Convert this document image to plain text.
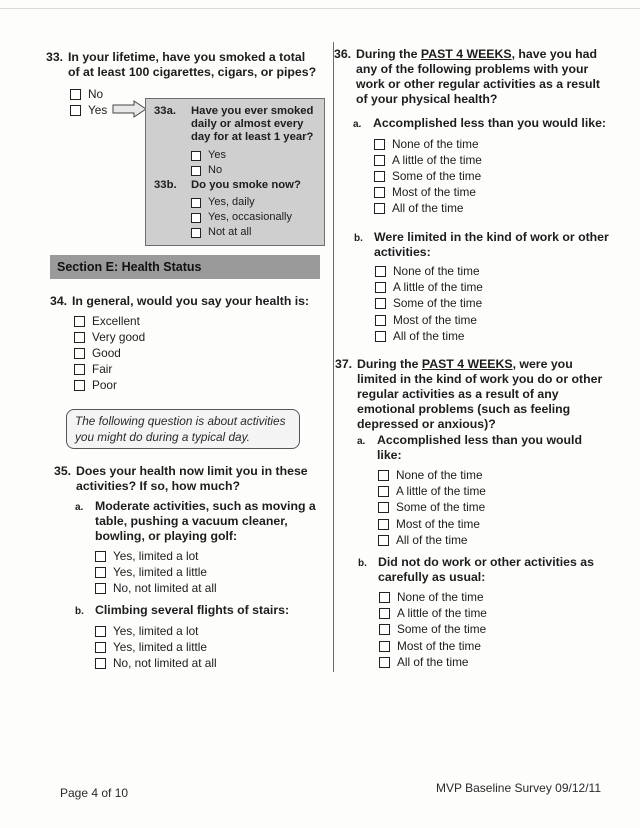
33. In your lifetime, have you smoked a total of at least 100 cigarettes, cigars, or pipes?
No
Yes	33a. Have you ever smoked daily or almost every day for at least 1 year?
Yes
No
33b. Do you smoke now?
Yes, daily
Yes, occasionally
Not at all
Section E: Health Status
34. In general, would you say your health is:
Excellent
Very good
Good
Fair
Poor
The following question is about activities you might do during a typical day.
35. Does your health now limit you in these activities? If so, how much?
a. Moderate activities, such as moving a table, pushing a vacuum cleaner, bowling, or playing golf:
Yes, limited a lot
Yes, limited a little
No, not limited at all
b. Climbing several flights of stairs:
Yes, limited a lot
Yes, limited a little
No, not limited at all
36. During the PAST 4 WEEKS, have you had any of the following problems with your work or other regular activities as a result of your physical health?
a. Accomplished less than you would like:
None of the time
A little of the time
Some of the time
Most of the time
All of the time
b. Were limited in the kind of work or other activities:
None of the time
A little of the time
Some of the time
Most of the time
All of the time
37. During the PAST 4 WEEKS, were you limited in the kind of work you do or other regular activities as a result of any emotional problems (such as feeling depressed or anxious)?
a. Accomplished less than you would like:
None of the time
A little of the time
Some of the time
Most of the time
All of the time
b. Did not do work or other activities as carefully as usual:
None of the time
A little of the time
Some of the time
Most of the time
All of the time
Page 4 of 10	MVP Baseline Survey 09/12/11
